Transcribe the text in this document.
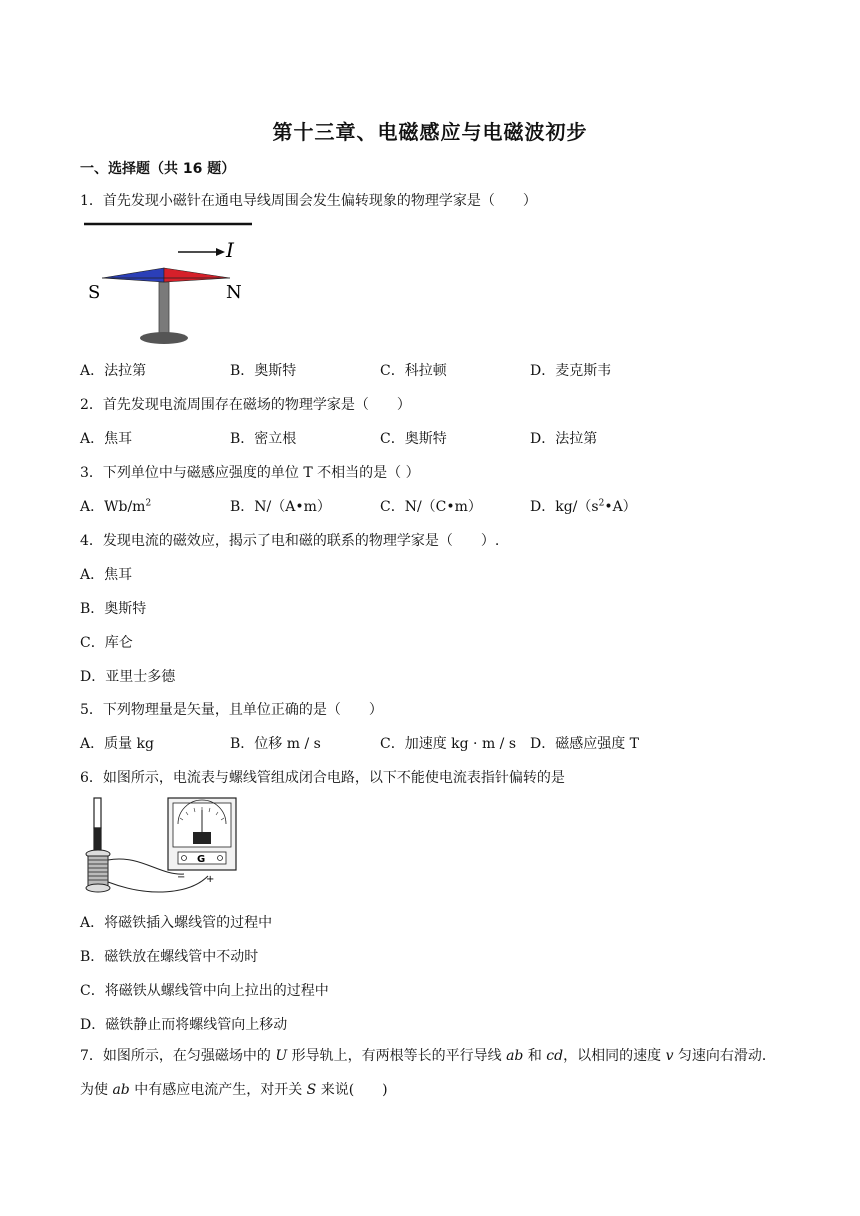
第十三章、电磁感应与电磁波初步
一、选择题（共 16 题）
1．首先发现小磁针在通电导线周围会发生偏转现象的物理学家是（　　）
I
S	N
A．法拉第	B．奥斯特	C．科拉顿	D．麦克斯韦
2．首先发现电流周围存在磁场的物理学家是（　　）
A．焦耳	B．密立根	C．奥斯特	D．法拉第
3．下列单位中与磁感应强度的单位 T 不相当的是（ ）
A．$Wb/m^2$	B．N/（A•m）	C．N/（C•m）	D．$kg/(s^2•A)$
4．发现电流的磁效应，揭示了电和磁的联系的物理学家是（　　）.
A．焦耳
B．奥斯特
C．库仑
D．亚里士多德
5．下列物理量是矢量，且单位正确的是（　　）
A．质量 kg	B．位移 m / s	C．加速度 kg · m / s D．磁感应强度 T
6．如图所示，电流表与螺线管组成闭合电路，以下不能使电流表指针偏转的是
G
− +
A．将磁铁插入螺线管的过程中
B．磁铁放在螺线管中不动时
C．将磁铁从螺线管中向上拉出的过程中
D．磁铁静止而将螺线管向上移动
7．如图所示，在匀强磁场中的 U 形导轨上，有两根等长的平行导线 ab 和 cd，以相同的速度 v 匀速向右滑动．为使 ab 中有感应电流产生，对开关 S 来说(　　)
